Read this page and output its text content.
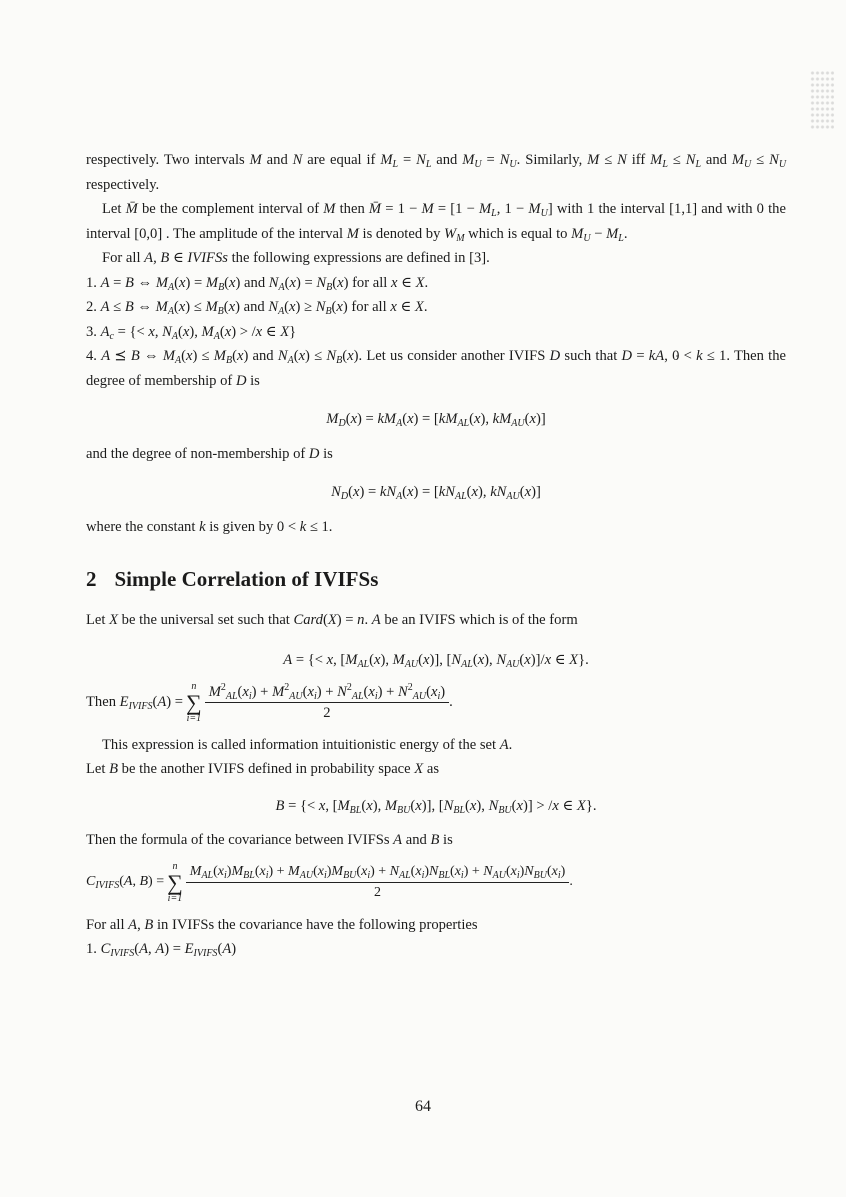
respectively. Two intervals M and N are equal if $M_L = N_L$ and $M_U = N_U$. Similarly, M ≤ N iff $M_L \le N_L$ and $M_U \le N_U$ respectively.

Let M̄ be the complement interval of M then M̄ = $1 - M = [1 - M_L$, $1 - M_U$] with 1 the interval [1,1] and with 0 the interval [0,0] . The amplitude of the interval M is denoted by $W_M$ which is equal to $M_U - M_L$.

For all A, B ∈ IVIFSs the following expressions are defined in [3].

1. A = B ⇔ $M_A(x) = M_B(x)$ and $N_A(x) = N_B(x)$ for all x ∈ X.

2. A ≤ B ⇔ $M_A(x) \le M_B(x)$ and $N_A(x) \ge N_B(x)$ for all x ∈ X.

3. $A_c$ = {< x, $N_A(x)$, $M_A(x) > /x$ ∈ X}

4. A ⪯ B ⇔ $M_A(x) \le M_B(x)$ and $N_A(x) \le N_B(x)$. Let us consider another IVIFS D such that D = kA, 0 < k ≤ 1. Then the degree of membership of D is

$M_D(x) = kM_A(x) = [kM_{AL}(x)$, $kM_{AU}(x)$]

and the degree of non-membership of D is

$N_D(x) = kN_A(x) = [kN_{AL}(x)$, $kN_{AU}(x)$]

where the constant k is given by 0 < k ≤ 1.

2 Simple Correlation of IVIFSs

Let X be the universal set such that Card(X) = n. A be an IVIFS which is of the form

A = {< x, [$M_{AL}(x)$, $M_{AU}(x)$], [$N_{AL}(x)$, $N_{AU}(x)]/x$ ∈ X}.
Then $E_{IVIFS}(A)$ =
n
∑
$i=1 \frac{M^2_{AL}(x_i) + M^2_{AU}(x_i) + N^2_{AL}(x_i) + N^2_{AU}(x_i)}{2}$ .

This expression is called information intuitionistic energy of the set A.

Let B be the another IVIFS defined in probability space X as

B = {< x, [$M_{BL}(x)$, $M_{BU}(x)$], [$N_{BL}(x)$, $N_{BU}(x)] > /x$ ∈ X}.

Then the formula of the covariance between IVIFSs A and B is

$C_{IVIFS}(A$, B) =
n
∑
i=1
$M_{AL}(x_i)M_{BL}(x_i) + M_{AU}(x_i)M_{BU}(x_i) + N_{AL}(x_i)N_{BL}(x_i) + N_{AU}(x_i)N_{BU}(x_i)$
2
.

For all A, B in IVIFSs the covariance have the following properties

1. $C_{IVIFS}(A$, $A) = E_{IVIFS}(A)$

64
